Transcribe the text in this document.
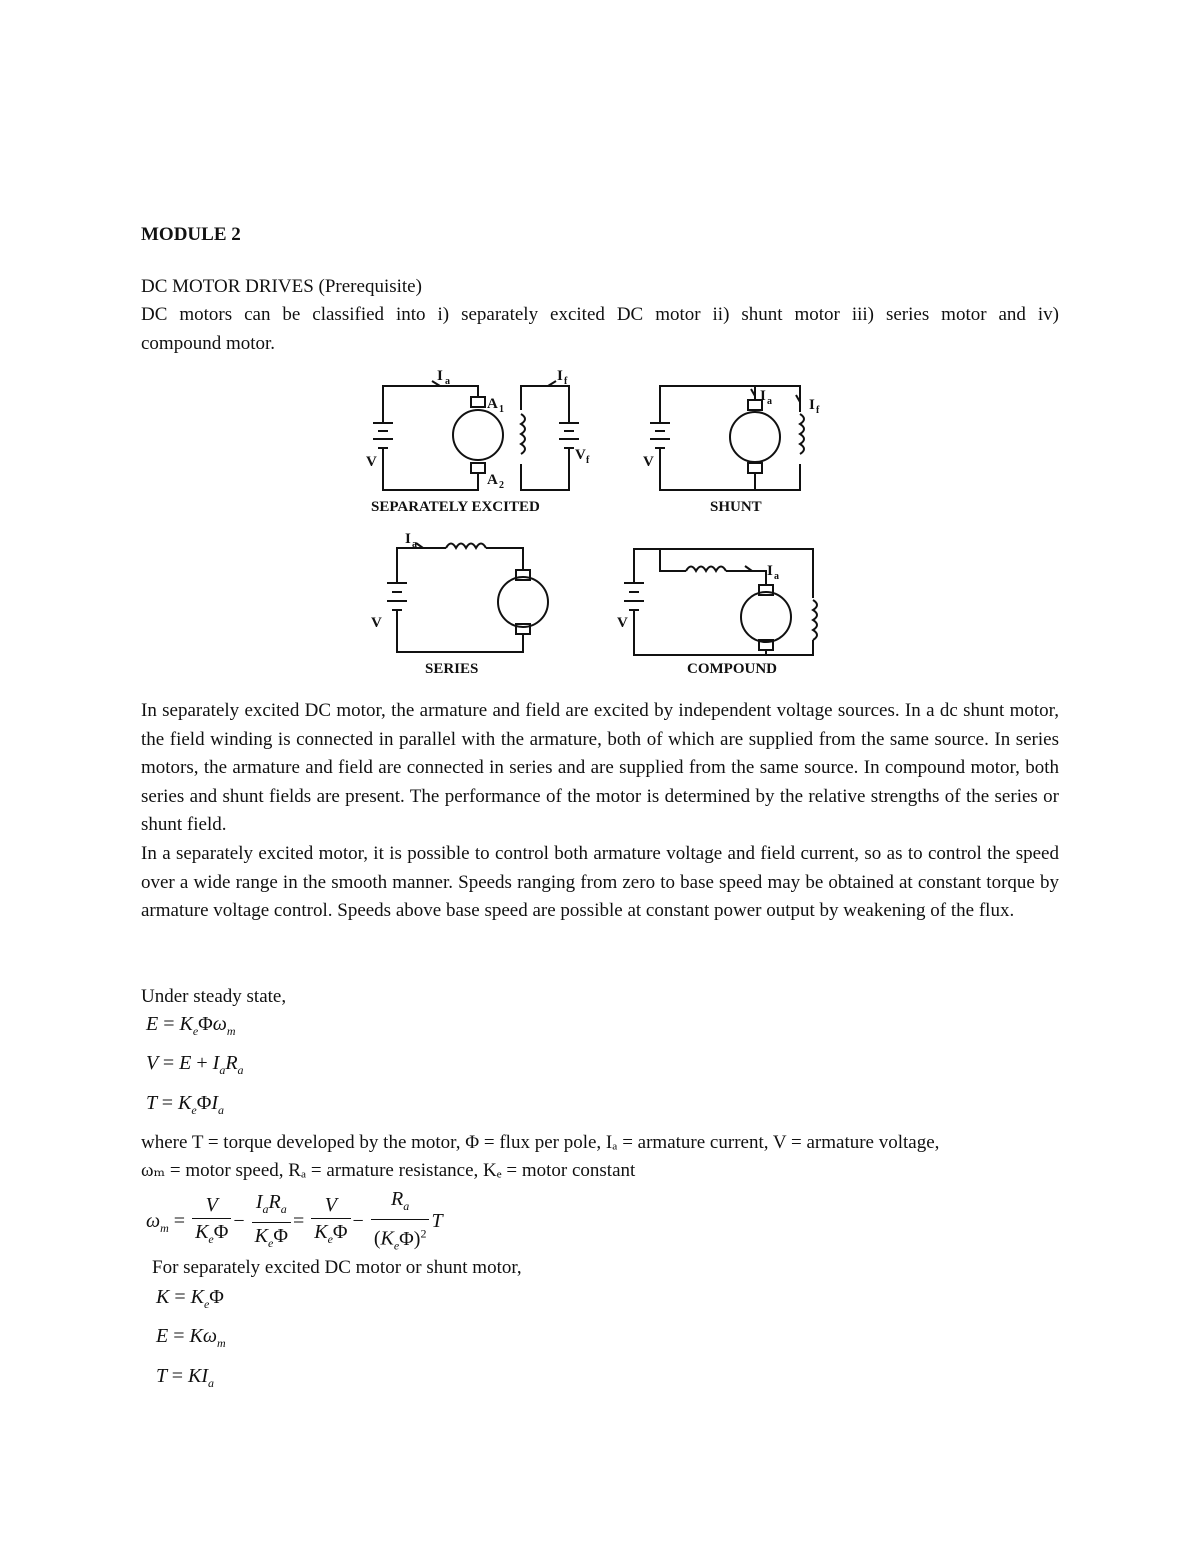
MODULE 2
DC MOTOR DRIVES (Prerequisite)
DC motors can be classified into i) separately excited DC motor ii) shunt motor iii) series motor and iv)
compound motor.
I a	I f
A 1
A 2
V	V f
SEPARATELY EXCITED
I a I f
V
SHUNT
I a
V
SERIES
I a
V
COMPOUND
In separately excited DC motor, the armature and field are excited by independent voltage sources. In a dc shunt motor, the field winding is connected in parallel with the armature, both of which are supplied from the same source. In series motors, the armature and field are connected in series and are supplied from the same source. In compound motor, both series and shunt fields are present. The performance of the motor is determined by the relative strengths of the series or shunt field.
In a separately excited motor, it is possible to control both armature voltage and field current, so as to control the speed over a wide range in the smooth manner. Speeds ranging from zero to base speed may be obtained at constant torque by armature voltage control. Speeds above base speed are possible at constant power output by weakening of the flux.
Under steady state,
$E = K_e\Phi\omega_m$
$V = E + I_aR_a$
$T = K_e\Phi I_a$
where T = torque developed by the motor, Φ = flux per pole, Iₐ = armature current, V = armature voltage,
ωₘ = motor speed, Rₐ = armature resistance, Kₑ = motor constant
$\omega_m = \frac{V}{K_e\Phi} - \frac{I_aR_a}{K_e\Phi} = \frac{V}{K_e\Phi} - \frac{R_a}{(K_e\Phi)^2}$ T
For separately excited DC motor or shunt motor,
$K = K_e\Phi$
$E = K\omega_m$
$T = KI_a$
